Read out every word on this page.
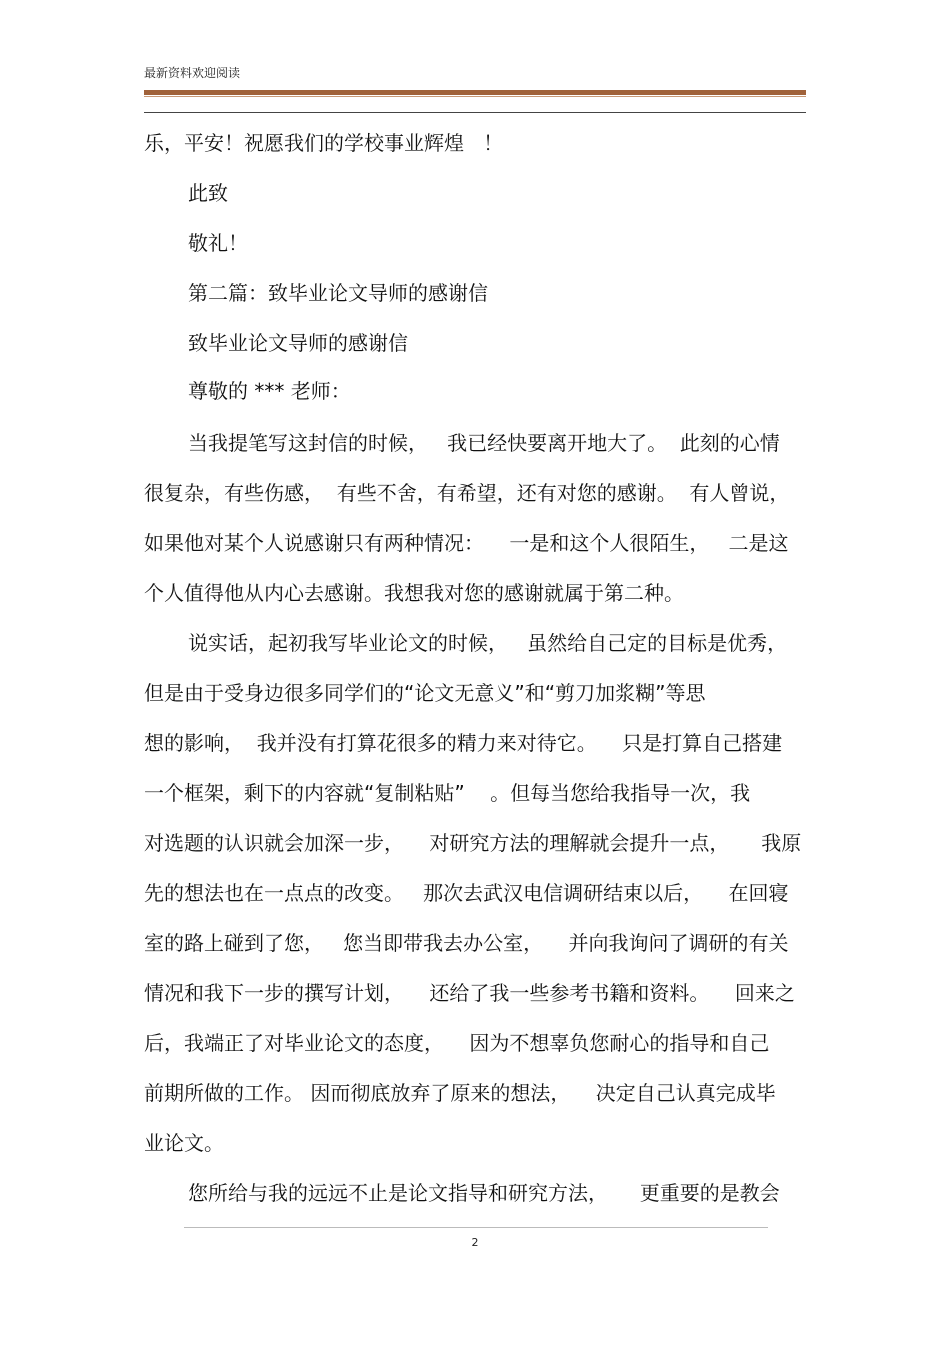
最新资料欢迎阅读
乐，平安！祝愿我们的学校事业辉煌   ！
此致
敬礼！
第二篇：致毕业论文导师的感谢信
致毕业论文导师的感谢信
尊敬的 *** 老师：
当我提笔写这封信的时候，   我已经快要离开地大了。  此刻的心情
很复杂，有些伤感，  有些不舍，有希望，还有对您的感谢。  有人曾说，
如果他对某个人说感谢只有两种情况：    一是和这个人很陌生，   二是这
个人值得他从内心去感谢。我想我对您的感谢就属于第二种。
说实话，起初我写毕业论文的时候，   虽然给自己定的目标是优秀，
但是由于受身边很多同学们的“论文无意义”和“剪刀加浆糊”等思
想的影响，  我并没有打算花很多的精力来对待它。    只是打算自己搭建
一个框架，剩下的内容就“复制粘贴”    。但每当您给我指导一次，我
对选题的认识就会加深一步，    对研究方法的理解就会提升一点，     我原
先的想法也在一点点的改变。   那次去武汉电信调研结束以后，    在回寝
室的路上碰到了您，   您当即带我去办公室，    并向我询问了调研的有关
情况和我下一步的撰写计划，    还给了我一些参考书籍和资料。    回来之
后，我端正了对毕业论文的态度，    因为不想辜负您耐心的指导和自己
前期所做的工作。 因而彻底放弃了原来的想法，    决定自己认真完成毕
业论文。
您所给与我的远远不止是论文指导和研究方法，     更重要的是教会
2
